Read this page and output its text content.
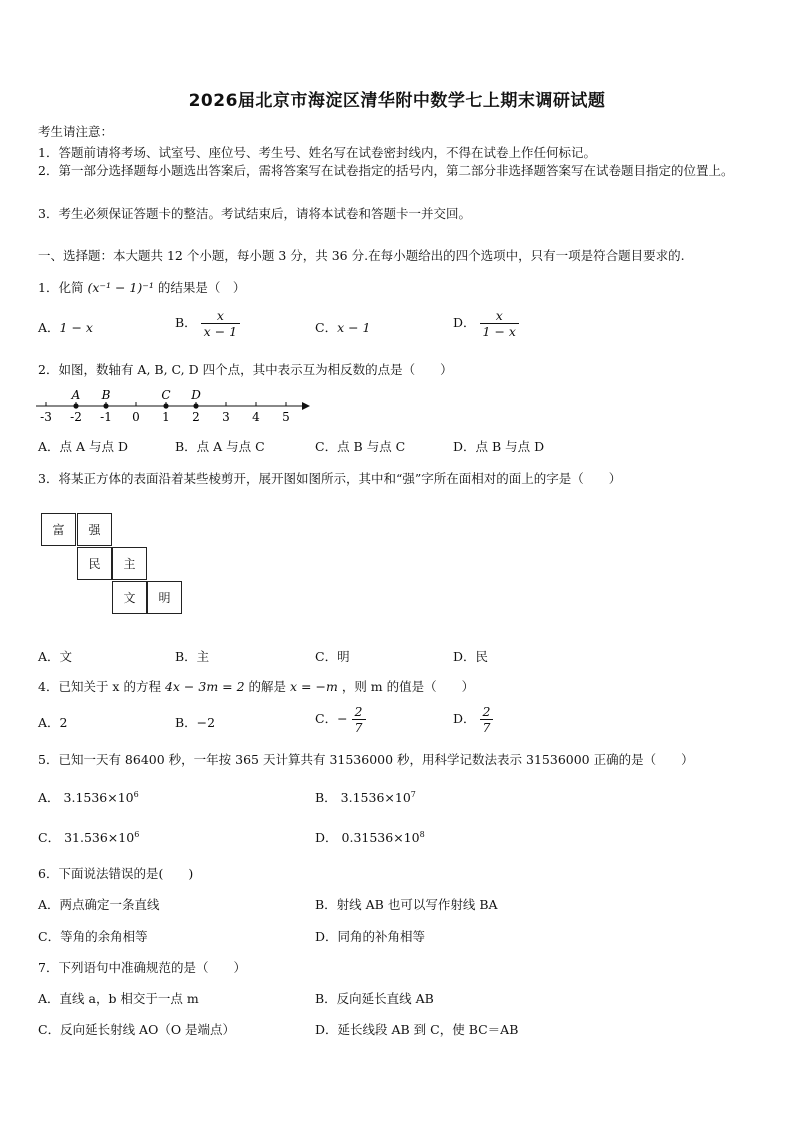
2026届北京市海淀区清华附中数学七上期末调研试题
考生请注意：
1．答题前请将考场、试室号、座位号、考生号、姓名写在试卷密封线内，不得在试卷上作任何标记。
2．第一部分选择题每小题选出答案后，需将答案写在试卷指定的括号内，第二部分非选择题答案写在试卷题目指定的位置上。
3．考生必须保证答题卡的整洁。考试结束后，请将本试卷和答题卡一并交回。
一、选择题：本大题共 12 个小题，每小题 3 分，共 36 分.在每小题给出的四个选项中，只有一项是符合题目要求的.
1．化简 (x⁻¹ − 1)⁻¹ 的结果是（　）
A．1 − x	B． $\frac{x}{x - 1}$	C．x − 1	D． $\frac{x}{1 - x}$
2．如图，数轴有 A, B, C, D 四个点，其中表示互为相反数的点是（　　）
-3 -2 -1 0 1 2 3 4 5
A B	C D
A．点 A 与点 D	B．点 A 与点 C	C．点 B 与点 C	D．点 B 与点 D
3．将某正方体的表面沿着某些棱剪开，展开图如图所示，其中和“强”字所在面相对的面上的字是（　　）
富	强
民	主
文	明
A．文	B．主	C．明	D．民
4．已知关于 x 的方程 4x − 3m = 2 的解是 x = −m ，则 m 的值是（　　）
A．2	B．−2	C．− $\frac{2}{7}$	D． $\frac{2}{7}$
5．已知一天有 86400 秒，一年按 365 天计算共有 31536000 秒，用科学记数法表示 31536000 正确的是（　　）
A． $3.1536\times 10^6$	B． $3.1536\times 10^7$
C． $31.536\times 10^6$	D． $0.31536\times 10^8$
6．下面说法错误的是(　　)
A．两点确定一条直线	B．射线 AB 也可以写作射线 BA
C．等角的余角相等	D．同角的补角相等
7．下列语句中准确规范的是（　　）
A．直线 a，b 相交于一点 m	B．反向延长直线 AB
C．反向延长射线 AO（O 是端点）	D．延长线段 AB 到 C，使 BC＝AB
